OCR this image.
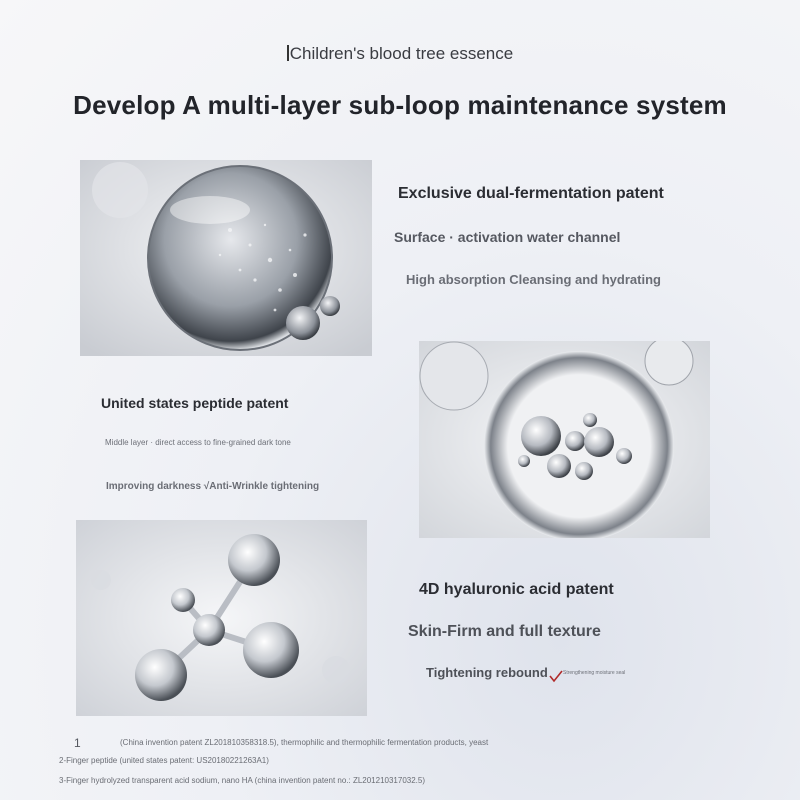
Children's blood tree essence
Develop A multi-layer sub-loop maintenance system
Exclusive dual-fermentation patent
Surface · activation water channel
High absorption Cleansing and hydrating
United states peptide patent
Middle layer · direct access to fine-grained dark tone
Improving darkness √Anti-Wrinkle tightening
4D hyaluronic acid patent
Skin-Firm and full texture
Tightening rebound	Strengthening moisture seal
1	(China invention patent ZL201810358318.5), thermophilic and thermophilic fermentation products, yeast
2-Finger peptide (united states patent: US20180221263A1)
3-Finger hydrolyzed transparent acid sodium, nano HA (china invention patent no.: ZL201210317032.5)
